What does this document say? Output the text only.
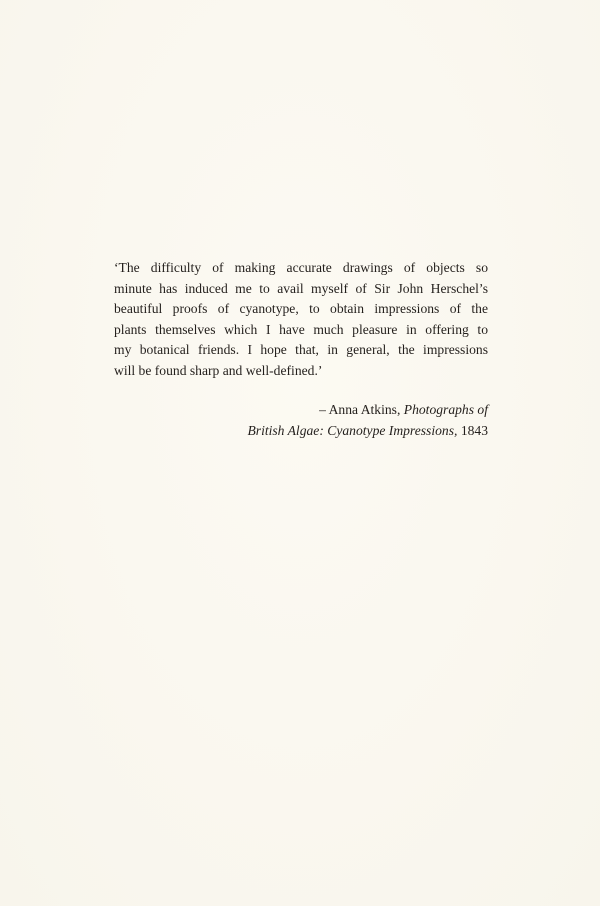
‘The difficulty of making accurate drawings of objects so
minute has induced me to avail myself of Sir John Herschel’s
beautiful proofs of cyanotype, to obtain impressions of the
plants themselves which I have much pleasure in offering to
my botanical friends. I hope that, in general, the impressions
will be found sharp and well-defined.’

– Anna Atkins, Photographs of
British Algae: Cyanotype Impressions, 1843
